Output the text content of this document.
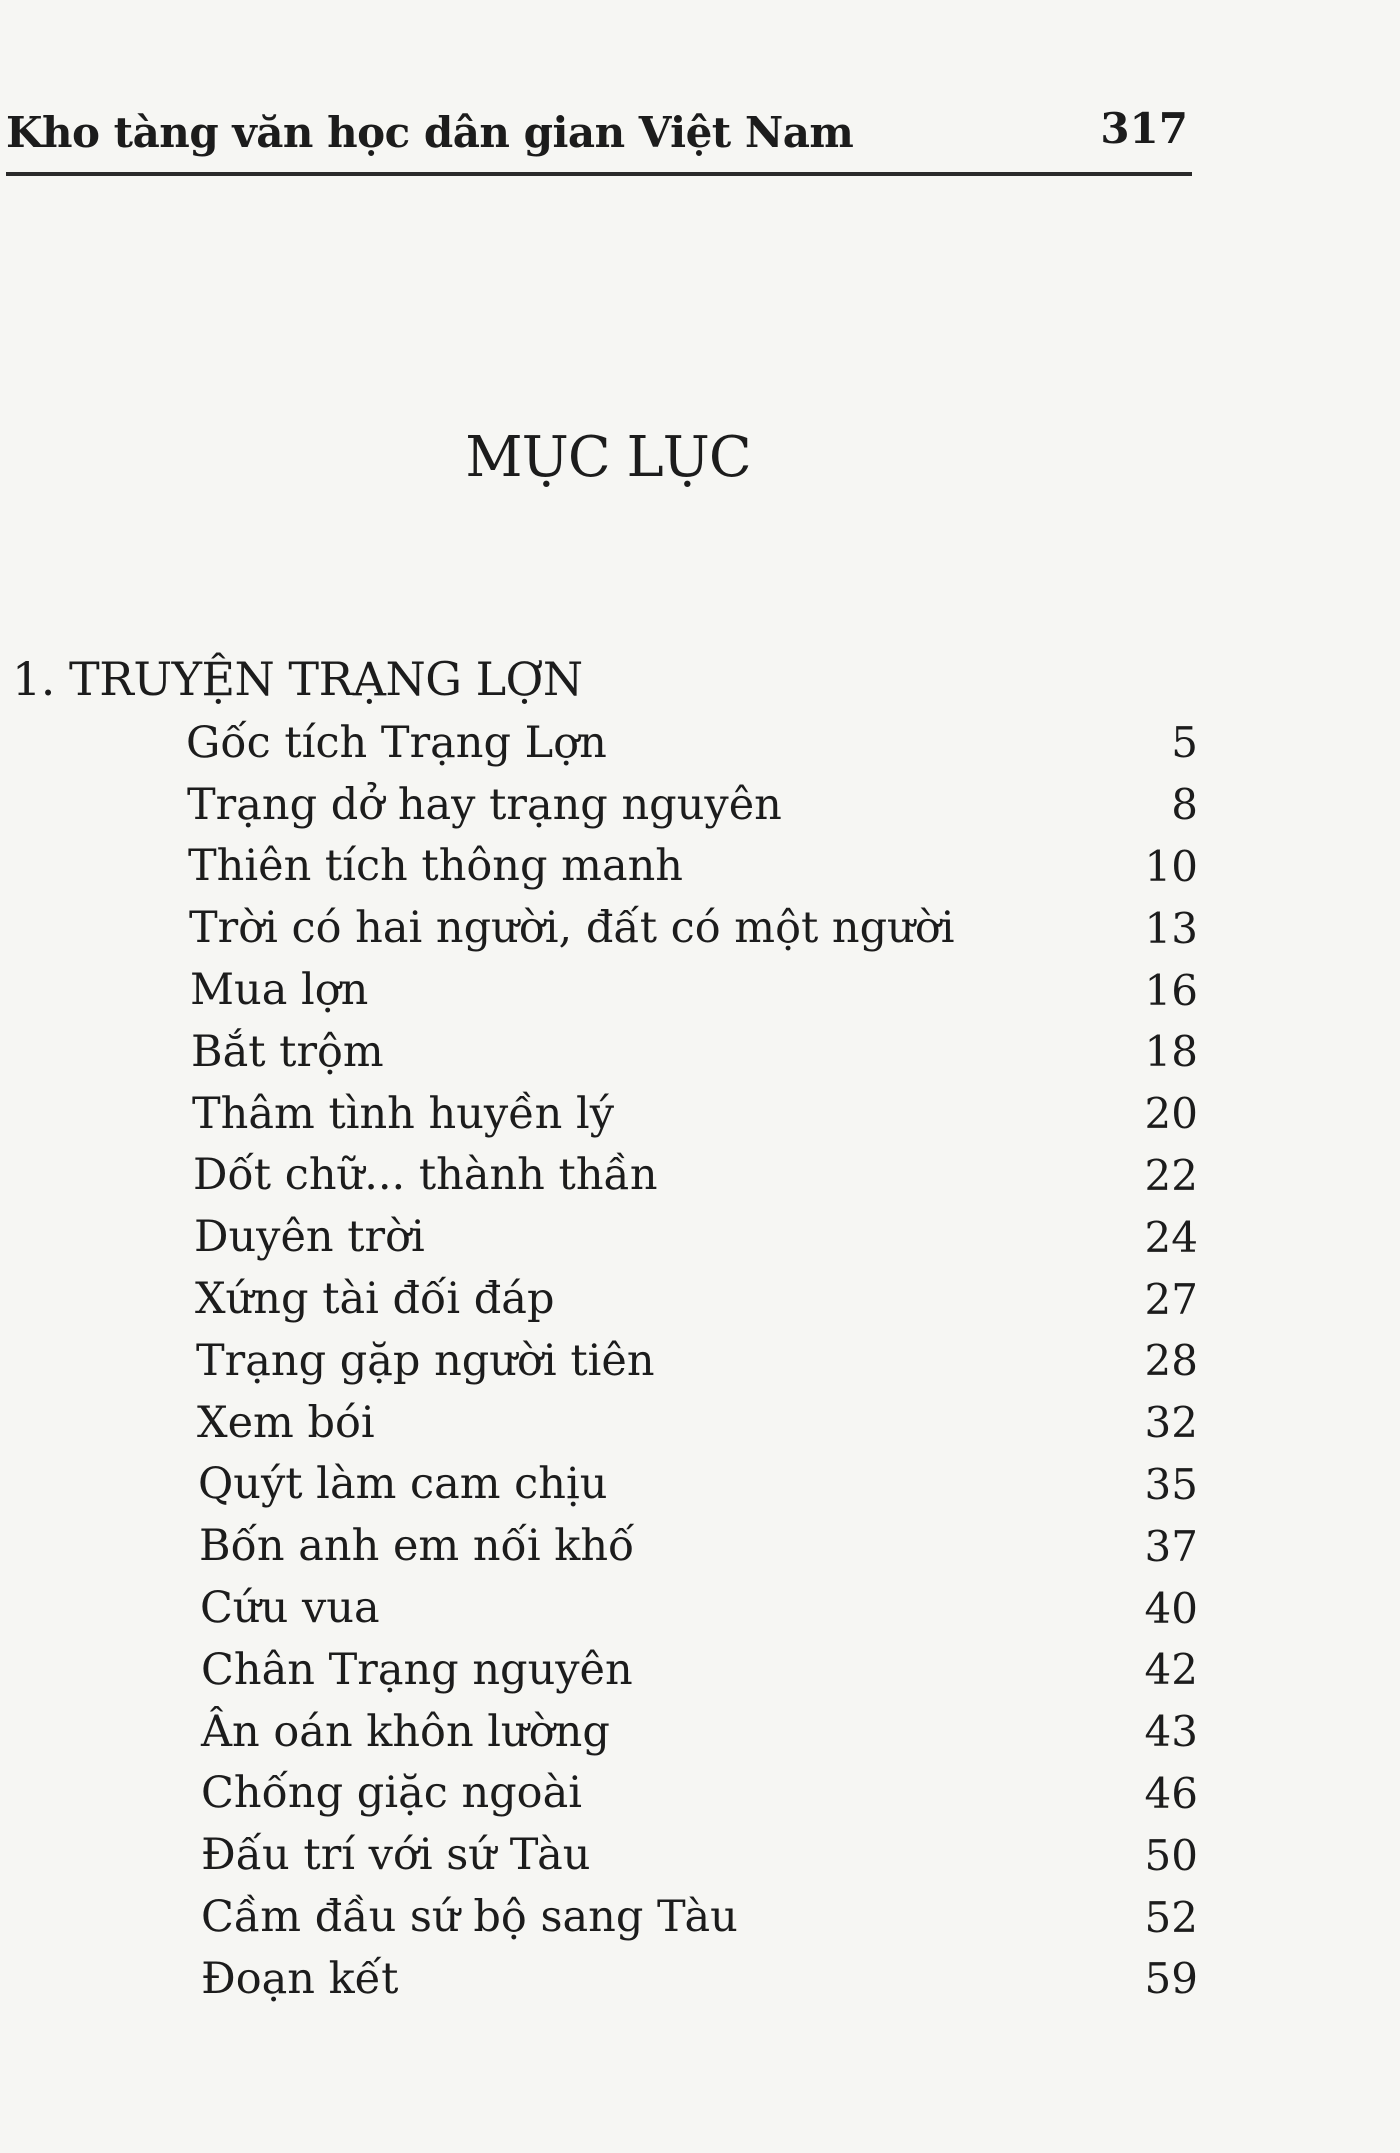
Kho tàng văn học dân gian Việt Nam	317
MỤC LỤC
1. TRUYỆN TRẠNG LỢN
Gốc tích Trạng Lợn	5
Trạng dở hay trạng nguyên	8
Thiên tích thông manh	10
Trời có hai người, đất có một người	13
Mua lợn	16
Bắt trộm	18
Thâm tình huyền lý	20
Dốt chữ... thành thần	22
Duyên trời	24
Xứng tài đối đáp	27
Trạng gặp người tiên	28
Xem bói	32
Quýt làm cam chịu	35
Bốn anh em nối khố	37
Cứu vua	40
Chân Trạng nguyên	42
Ân oán khôn lường	43
Chống giặc ngoài	46
Đấu trí với sứ Tàu	50
Cầm đầu sứ bộ sang Tàu	52
Đoạn kết	59
